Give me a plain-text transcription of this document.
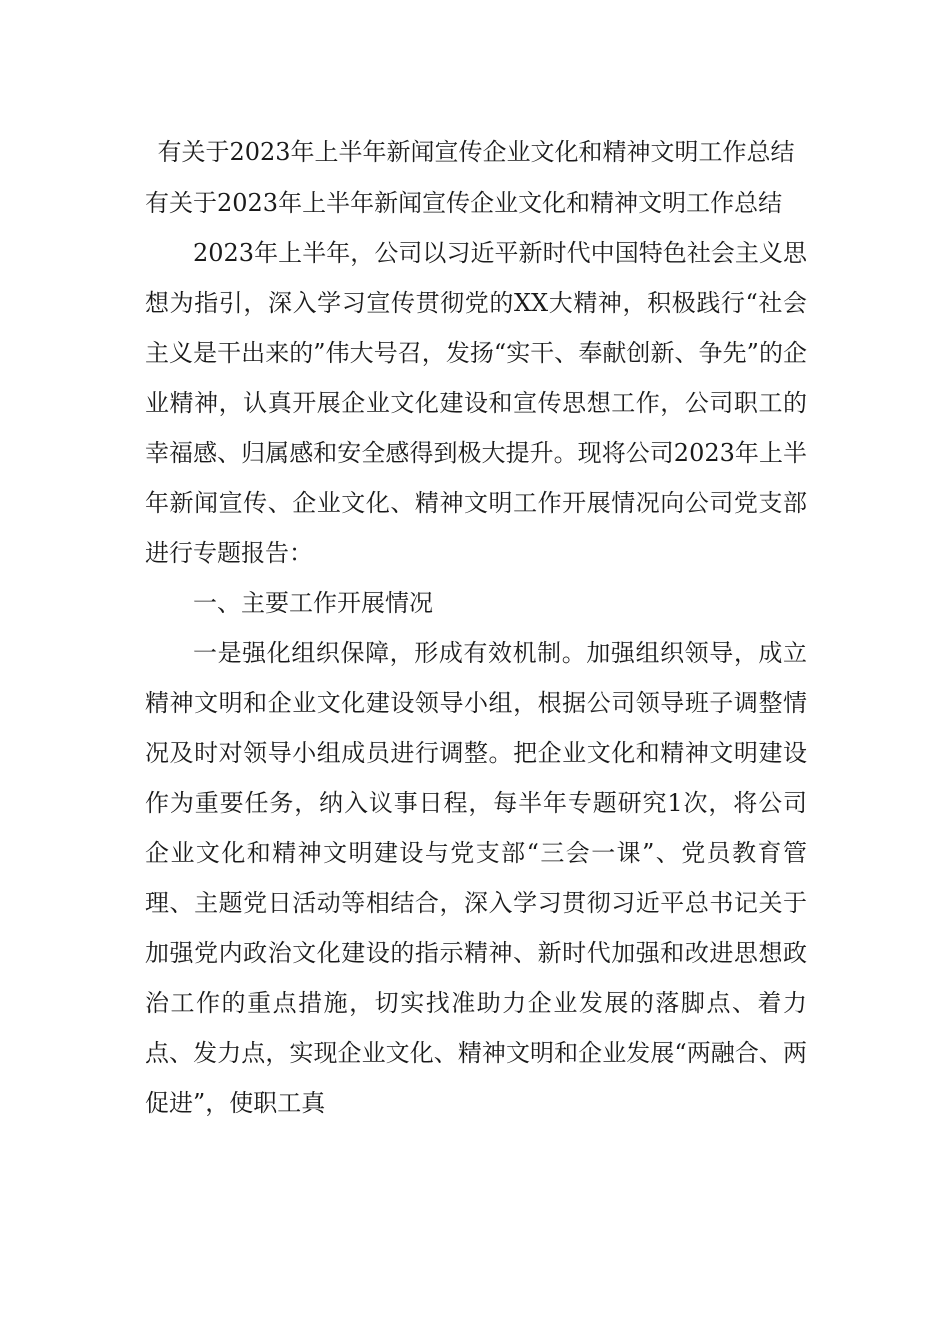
有关于2023年上半年新闻宣传企业文化和精神文明工作总结

有关于2023年上半年新闻宣传企业文化和精神文明工作总结

2023年上半年，公司以习近平新时代中国特色社会主义思想为指引，深入学习宣传贯彻党的XX大精神，积极践行“社会主义是干出来的”伟大号召，发扬“实干、奉献创新、争先”的企业精神，认真开展企业文化建设和宣传思想工作，公司职工的幸福感、归属感和安全感得到极大提升。现将公司2023年上半年新闻宣传、企业文化、精神文明工作开展情况向公司党支部进行专题报告：

一、主要工作开展情况

一是强化组织保障，形成有效机制。加强组织领导，成立精神文明和企业文化建设领导小组，根据公司领导班子调整情况及时对领导小组成员进行调整。把企业文化和精神文明建设作为重要任务，纳入议事日程，每半年专题研究1次，将公司企业文化和精神文明建设与党支部“三会一课”、党员教育管理、主题党日活动等相结合，深入学习贯彻习近平总书记关于加强党内政治文化建设的指示精神、新时代加强和改进思想政治工作的重点措施，切实找准助力企业发展的落脚点、着力点、发力点，实现企业文化、精神文明和企业发展“两融合、两促进”，使职工真
